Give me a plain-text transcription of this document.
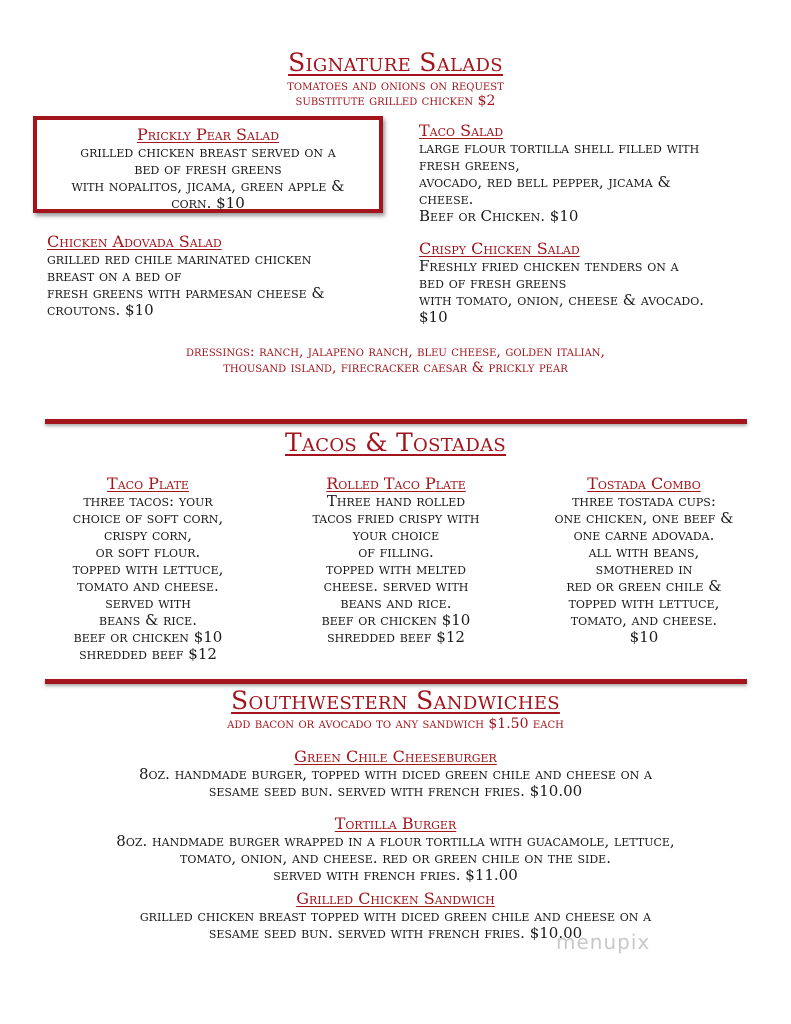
Signature Salads
tomatoes and onions on request
substitute grilled chicken $2
Prickly Pear Salad
grilled chicken breast served on a
bed of fresh greens
with nopalitos, jicama, green apple &
corn. $10
Taco Salad
large flour tortilla shell filled with
fresh greens,
avocado, red bell pepper, jicama &
cheese.
Beef or Chicken. $10
Chicken Adovada Salad
grilled red chile marinated chicken
breast on a bed of
fresh greens with parmesan cheese &
croutons. $10
Crispy Chicken Salad
Freshly fried chicken tenders on a
bed of fresh greens
with tomato, onion, cheese & avocado.
$10
dressings: ranch, jalapeno ranch, bleu cheese, golden italian,
thousand island, firecracker caesar & prickly pear
Tacos & Tostadas
Taco Plate
three tacos: your
choice of soft corn,
crispy corn,
or soft flour.
topped with lettuce,
tomato and cheese.
served with
beans & rice.
beef or chicken $10
shredded beef $12
Rolled Taco Plate
Three hand rolled
tacos fried crispy with
your choice
of filling.
topped with melted
cheese. served with
beans and rice.
beef or chicken $10
shredded beef $12
Tostada Combo
three tostada cups:
one chicken, one beef &
one carne adovada.
all with beans,
smothered in
red or green chile &
topped with lettuce,
tomato, and cheese.
$10
Southwestern Sandwiches
add bacon or avocado to any sandwich $1.50 each
Green Chile Cheeseburger
8oz. handmade burger, topped with diced green chile and cheese on a
sesame seed bun. served with french fries. $10.00
Tortilla Burger
8oz. handmade burger wrapped in a flour tortilla with guacamole, lettuce,
tomato, onion, and cheese. red or green chile on the side.
served with french fries. $11.00
Grilled Chicken Sandwich
grilled chicken breast topped with diced green chile and cheese on a
sesame seed bun. served with french fries. $10.00
menupix
